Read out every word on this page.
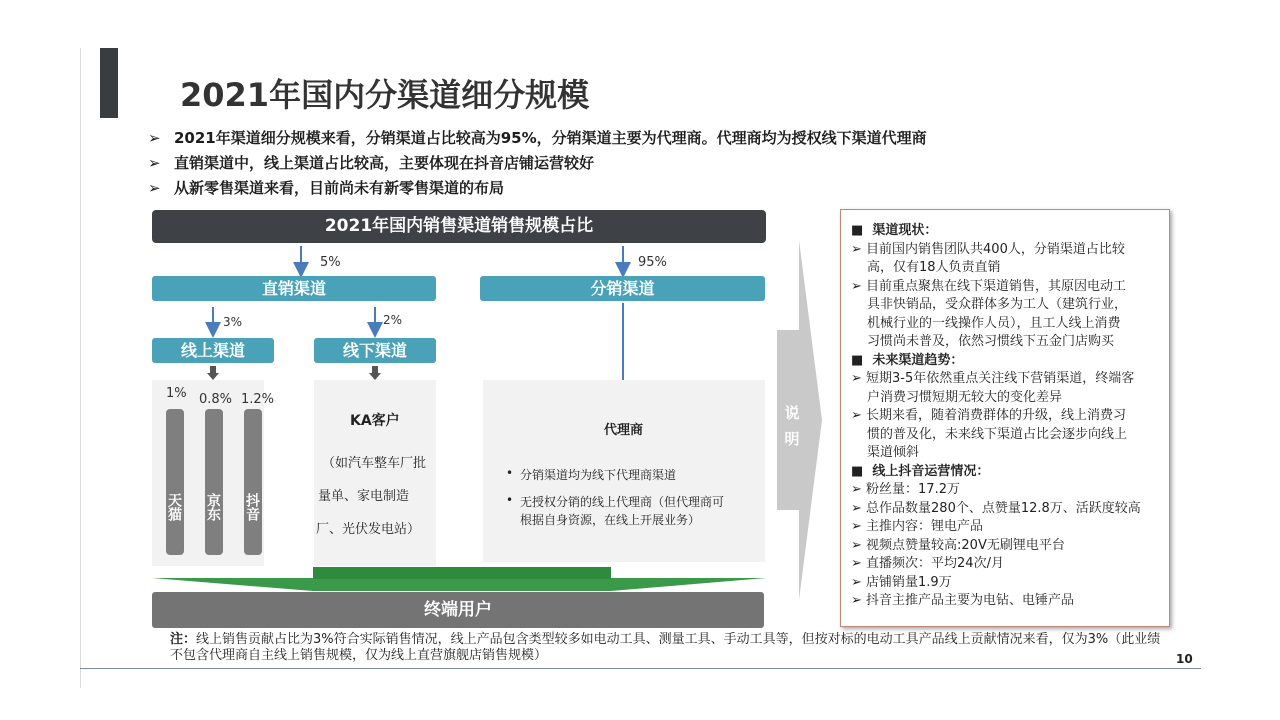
2021年国内分渠道细分规模
➢ 2021年渠道细分规模来看，分销渠道占比较高为95%，分销渠道主要为代理商。代理商均为授权线下渠道代理商
➢ 直销渠道中，线上渠道占比较高，主要体现在抖音店铺运营较好
➢ 从新零售渠道来看，目前尚未有新零售渠道的布局
2021年国内销售渠道销售规模占比
5%	95%
直销渠道	分销渠道
3%	2%
线上渠道	线下渠道
1% 0.8% 1.2%
天猫 京东 抖音
KA客户
（如汽车整车厂批
量单、家电制造
厂、光伏发电站）
代理商
• 分销渠道均为线下代理商渠道
• 无授权分销的线上代理商（但代理商可
根据自身资源，在线上开展业务）
说明
终端用户
注：线上销售贡献占比为3%符合实际销售情况，线上产品包含类型较多如电动工具、测量工具、手动工具等，但按对标的电动工具产品线上贡献情况来看，仅为3%（此业绩不包含代理商自主线上销售规模，仅为线上直营旗舰店销售规模）	10
■  渠道现状：
➢ 目前国内销售团队共400人，分销渠道占比较
高，仅有18人负责直销
➢ 目前重点聚焦在线下渠道销售，其原因电动工
具非快销品，受众群体多为工人（建筑行业，
机械行业的一线操作人员），且工人线上消费
习惯尚未普及，依然习惯线下五金门店购买
■  未来渠道趋势：
➢ 短期3-5年依然重点关注线下营销渠道，终端客
户消费习惯短期无较大的变化差异
➢ 长期来看，随着消费群体的升级，线上消费习
惯的普及化，未来线下渠道占比会逐步向线上
渠道倾斜
■  线上抖音运营情况：
➢ 粉丝量：17.2万
➢ 总作品数量280个、点赞量12.8万、活跃度较高
➢ 主推内容：锂电产品
➢ 视频点赞量较高:20V无刷锂电平台
➢ 直播频次：平均24次/月
➢ 店铺销量1.9万
➢ 抖音主推产品主要为电钻、电锤产品
